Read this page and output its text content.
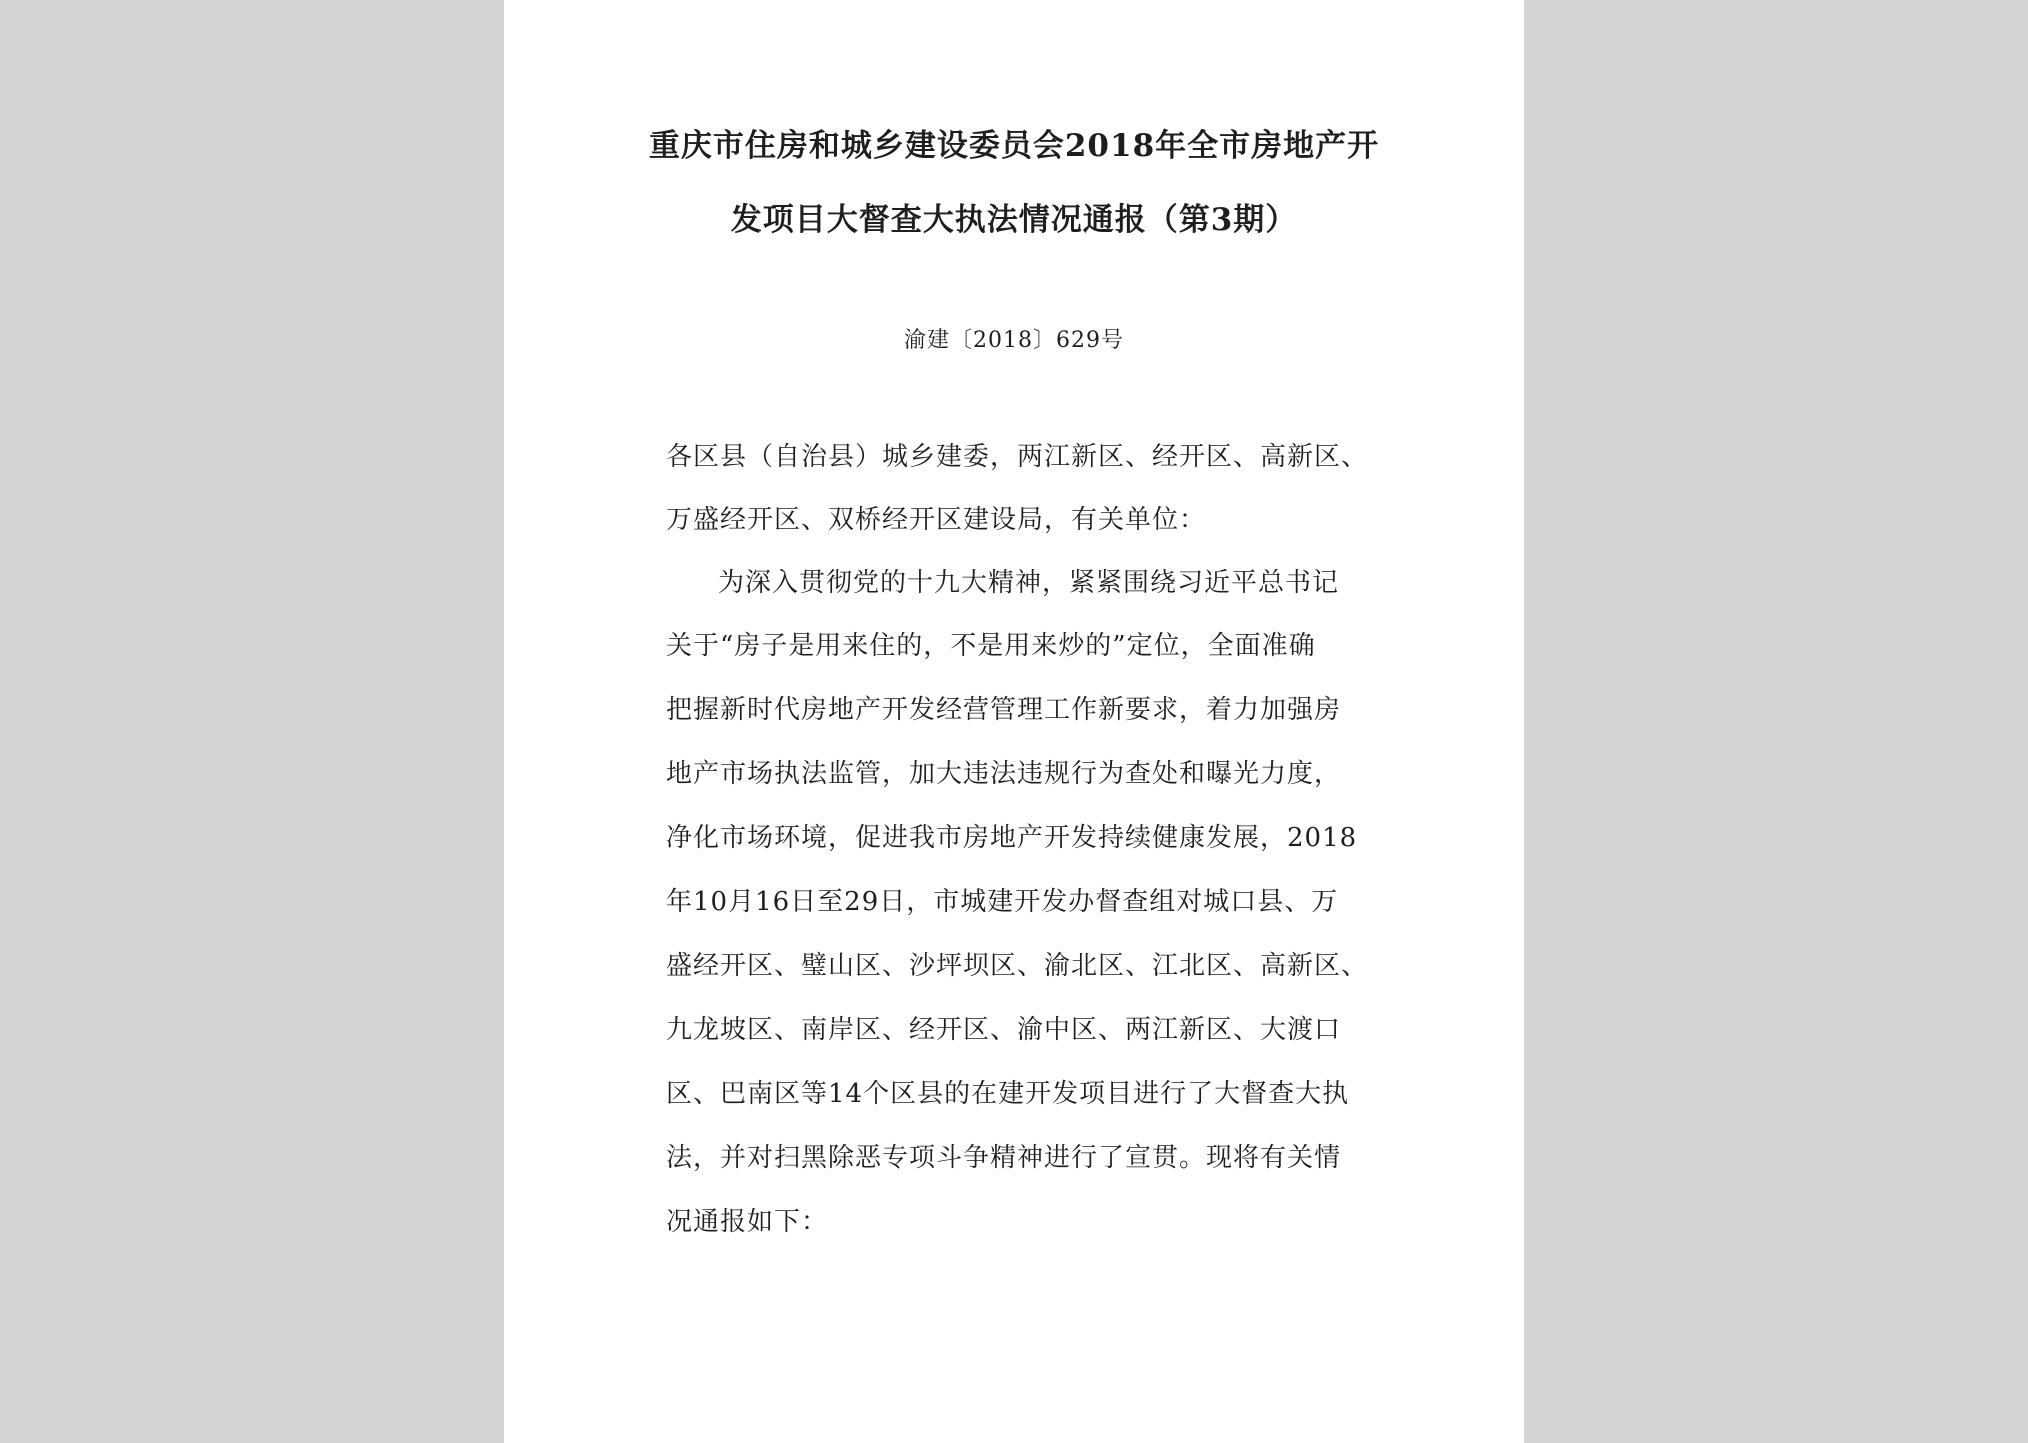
重庆市住房和城乡建设委员会2018年全市房地产开
发项目大督查大执法情况通报（第3期）
渝建〔2018〕629号
各区县（自治县）城乡建委，两江新区、经开区、高新区、
万盛经开区、双桥经开区建设局，有关单位：
为深入贯彻党的十九大精神，紧紧围绕习近平总书记
关于“房子是用来住的，不是用来炒的”定位，全面准确
把握新时代房地产开发经营管理工作新要求，着力加强房
地产市场执法监管，加大违法违规行为查处和曝光力度，
净化市场环境，促进我市房地产开发持续健康发展，2018
年10月16日至29日，市城建开发办督查组对城口县、万
盛经开区、璧山区、沙坪坝区、渝北区、江北区、高新区、
九龙坡区、南岸区、经开区、渝中区、两江新区、大渡口
区、巴南区等14个区县的在建开发项目进行了大督查大执
法，并对扫黑除恶专项斗争精神进行了宣贯。现将有关情
况通报如下：
